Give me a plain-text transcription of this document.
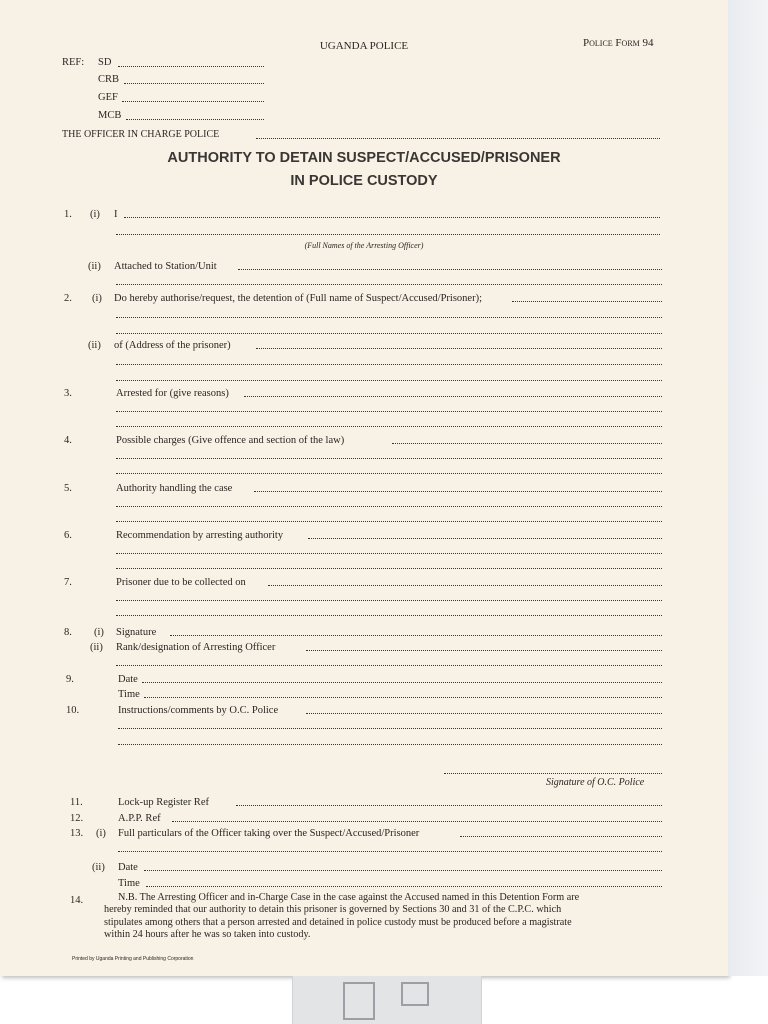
UGANDA POLICE	Police Form 94
REF: SD
CRB
GEF
MCB
THE OFFICER IN CHARGE POLICE
AUTHORITY TO DETAIN SUSPECT/ACCUSED/PRISONER
IN POLICE CUSTODY
1. (i) I
(Full Names of the Arresting Officer)
(ii) Attached to Station/Unit
2. (i) Do hereby authorise/request, the detention of (Full name of Suspect/Accused/Prisoner);
(ii) of (Address of the prisoner)
3.	Arrested for (give reasons)
4.	Possible charges (Give offence and section of the law)
5.	Authority handling the case
6.	Recommendation by arresting authority
7.	Prisoner due to be collected on
8. (i) Signature
(ii) Rank/designation of Arresting Officer
9.	Date
Time
10.	Instructions/comments by O.C. Police
Signature of O.C. Police
11.	Lock-up Register Ref
12.	A.P.P. Ref
13. (i) Full particulars of the Officer taking over the Suspect/Accused/Prisoner
(ii) Date
Time
14.	N.B. The Arresting Officer and in-Charge Case in the case against the Accused named in this Detention Form are
hereby reminded that our authority to detain this prisoner is governed by Sections 30 and 31 of the C.P.C. which
stipulates among others that a person arrested and detained in police custody must be produced before a magistrate
within 24 hours after he was so taken into custody.
Printed by Uganda Printing and Publishing Corporation
